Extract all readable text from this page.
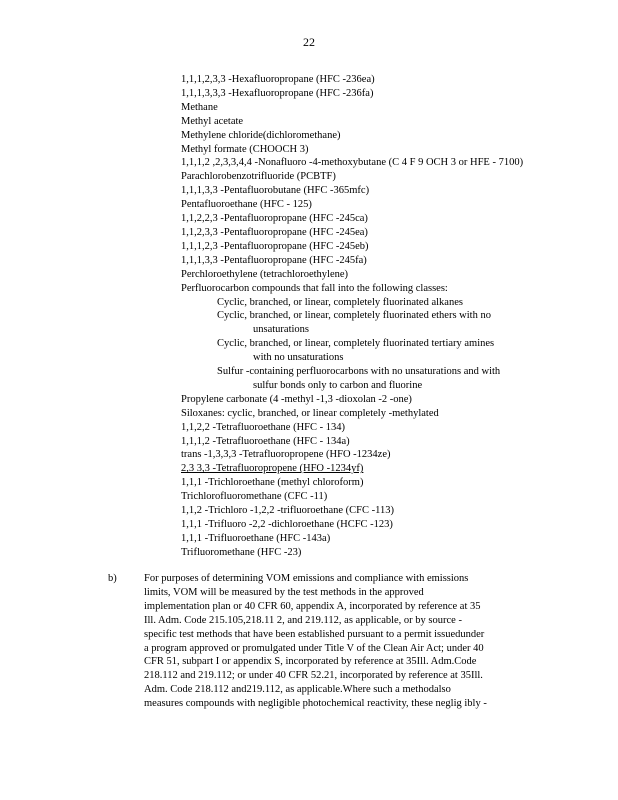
22
1,1,1,2,3,3 -Hexafluoropropane (HFC -236ea)
1,1,1,3,3,3 -Hexafluoropropane (HFC -236fa)
Methane
Methyl acetate
Methylene chloride(dichloromethane)
Methyl formate (CHOOCH 3)
1,1,1,2 ,2,3,3,4,4 -Nonafluoro -4-methoxybutane (C 4 F 9 OCH 3 or HFE - 7100)
Parachlorobenzotrifluoride (PCBTF)
1,1,1,3,3 -Pentafluorobutane (HFC -365mfc)
Pentafluoroethane (HFC - 125)
1,1,2,2,3 -Pentafluoropropane (HFC -245ca)
1,1,2,3,3 -Pentafluoropropane (HFC -245ea)
1,1,1,2,3 -Pentafluoropropane (HFC -245eb)
1,1,1,3,3 -Pentafluoropropane (HFC -245fa)
Perchloroethylene (tetrachloroethylene)
Perfluorocarbon compounds that fall into the following classes:
Cyclic, branched, or linear, completely fluorinated alkanes
Cyclic, branched, or linear, completely fluorinated ethers with no
unsaturations
Cyclic, branched, or linear, completely fluorinated tertiary amines
with no unsaturations
Sulfur -containing perfluorocarbons with no unsaturations and with
sulfur bonds only to carbon and fluorine
Propylene carbonate (4 -methyl -1,3 -dioxolan -2 -one)
Siloxanes: cyclic, branched, or linear completely -methylated
1,1,2,2 -Tetrafluoroethane (HFC - 134)
1,1,1,2 -Tetrafluoroethane (HFC - 134a)
trans -1,3,3,3 -Tetrafluoropropene (HFO -1234ze)
2,3 3,3 -Tetrafluoropropene (HFO -1234yf)
1,1,1 -Trichloroethane (methyl chloroform)
Trichlorofluoromethane (CFC -11)
1,1,2 -Trichloro -1,2,2 -trifluoroethane (CFC -113)
1,1,1 -Trifluoro -2,2 -dichloroethane (HCFC -123)
1,1,1 -Trifluoroethane (HFC -143a)
Trifluoromethane (HFC -23)
b)	For purposes of determining VOM emissions and compliance with emissions
limits, VOM will be measured by the test methods in the approved
implementation plan or 40 CFR 60, appendix A, incorporated by reference at 35
Ill. Adm. Code 215.105,218.11 2, and 219.112, as applicable, or by source -
specific test methods that have been established pursuant to a permit issuedunder
a program approved or promulgated under Title V of the Clean Air Act; under 40
CFR 51, subpart I or appendix S, incorporated by reference at 35Ill. Adm.Code
218.112 and 219.112; or under 40 CFR 52.21, incorporated by reference at 35Ill.
Adm. Code 218.112 and219.112, as applicable.Where such a methodalso
measures compounds with negligible photochemical reactivity, these neglig ibly -
